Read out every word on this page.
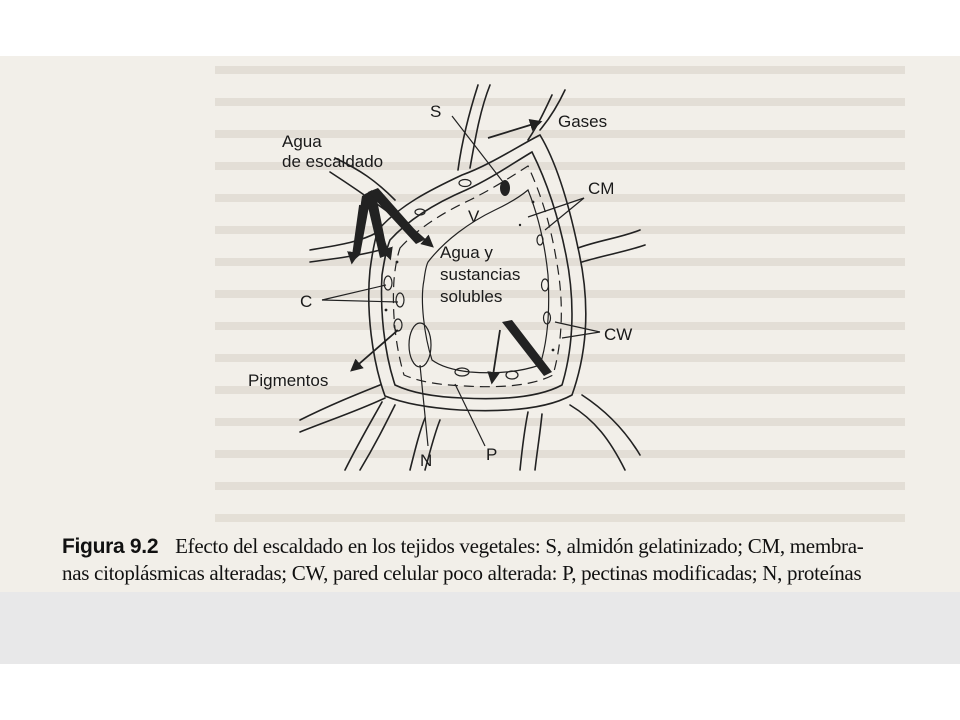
S
Gases
Agua
de escaldado
CM
V
Agua y
sustancias
solubles
C
CW
Pigmentos
N	P
Figura 9.2 Efecto del escaldado en los tejidos vegetales: S, almidón gelatinizado; CM, membra-
nas citoplásmicas alteradas; CW, pared celular poco alterada: P, pectinas modificadas; N, proteínas
